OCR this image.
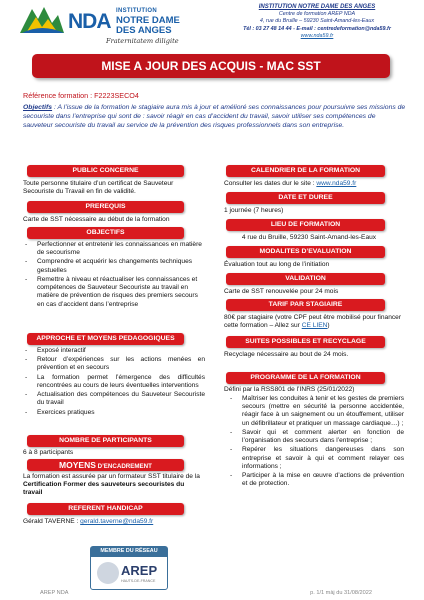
NDA INSTITUTION
NOTRE DAME
DES ANGES
Fraternitatem diligite
INSTITUTION NOTRE DAME DES ANGES
Centre de formation AREP NDA
4, rue du Bruille – 59230 Saint-Amand-les-Eaux
Tél : 03 27 48 14 44 - E-mail : centredeformation@nda59.fr
www.nda59.fr
MISE A JOUR DES ACQUIS - MAC SST
Référence formation : F2223SECO4
Objectifs : A l’issue de la formation le stagiaire aura mis à jour et amélioré ses connaissances pour poursuivre ses missions de secouriste dans l’entreprise qui sont de : savoir réagir en cas d’accident du travail, savoir utiliser ses compétences de sauveteur secouriste du travail au service de la prévention des risques professionnels dans son entreprise.
PUBLIC CONCERNE
Toute personne titulaire d’un certificat de Sauveteur Secouriste du Travail en fin de validité.
PREREQUIS
Carte de SST nécessaire au début de la formation
OBJECTIFS
- Perfectionner et entretenir les connaissances en matière de secourisme
- Comprendre et acquérir les changements techniques gestuelles
- Remettre à niveau et réactualiser les connaissances et compétences de Sauveteur Secouriste au travail en matière de prévention de risques des premiers secours en cas d’accident dans l’entreprise
APPROCHE ET MOYENS PEDAGOGIQUES
- Exposé interactif
- Retour d’expériences sur les actions menées en prévention et en secours
- La formation permet l’émergence des difficultés rencontrées au cours de leurs éventuelles interventions
- Actualisation des compétences du Sauveteur Secouriste du travail
- Exercices pratiques
NOMBRE DE PARTICIPANTS
6 à 8 participants
MOYENS D’ENCADREMENT
La formation est assurée par un formateur SST titulaire de la Certification Former des sauveteurs secouristes du travail
REFERENT HANDICAP
Gérald TAVERNE : gerald.taverne@nda59.fr
CALENDRIER DE LA FORMATION
Consulter les dates dur le site : www.nda59.fr
DATE ET DUREE
1 journée (7 heures)
LIEU DE FORMATION
4 rue du Bruille, 59230 Saint-Amand-les-Eaux
MODALITES D’EVALUATION
Évaluation tout au long de l’initiation
VALIDATION
Carte de SST renouvelée pour 24 mois
TARIF PAR STAGIAIRE
80€ par stagiaire (votre CPF peut être mobilisé pour financer cette formation – Allez sur CE LIEN)
SUITES POSSIBLES ET RECYCLAGE
Recyclage nécessaire au bout de 24 mois.
PROGRAMME DE LA FORMATION
Défini par la RSS801 de l’INRS (25/01/2022)
- Maîtriser les conduites à tenir et les gestes de premiers secours (mettre en sécurité la personne accidentée, réagir face à un saignement ou un étouffement, utiliser un défibrillateur et pratiquer un massage cardiaque…) ;
- Savoir qui et comment alerter en fonction de l’organisation des secours dans l’entreprise ;
- Repérer les situations dangereuses dans son entreprise et savoir à qui et comment relayer ces informations ;
- Participer à la mise en œuvre d’actions de prévention et de protection.
MEMBRE DU RÉSEAU
AREP
HAUTS-DE-FRANCE
AREP NDA	p. 1/1 màj du 31/08/2022
